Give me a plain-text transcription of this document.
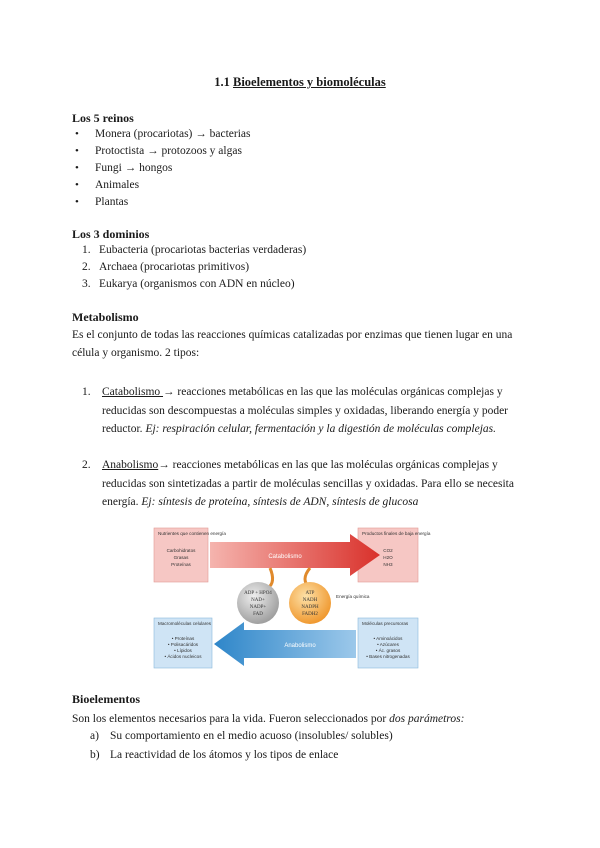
1.1 Bioelementos y biomoléculas
Los 5 reinos
• Monera (procariotas) → bacterias
• Protoctista → protozoos y algas
• Fungi → hongos
• Animales
• Plantas
Los 3 dominios
1. Eubacteria (procariotas bacterias verdaderas)
2. Archaea (procariotas primitivos)
3. Eukarya (organismos con ADN en núcleo)
Metabolismo
Es el conjunto de todas las reacciones químicas catalizadas por enzimas que tienen lugar en una célula y organismo. 2 tipos:
1. Catabolismo → reacciones metabólicas en las que las moléculas orgánicas complejas y reducidas son descompuestas a moléculas simples y oxidadas, liberando energía y poder reductor. Ej: respiración celular, fermentación y la digestión de moléculas complejas.
2. Anabolismo→ reacciones metabólicas en las que las moléculas orgánicas complejas y reducidas son sintetizadas a partir de moléculas sencillas y oxidadas. Para ello se necesita energía. Ej: síntesis de proteína, síntesis de ADN, síntesis de glucosa
Nutrientes que contienen energía
Carbohidratos
Grasas
Proteínas
Productos finales de baja energía
CO2
H2O
NH3
Catabolismo
Macromoléculas celulares
• Proteínas
• Polisacáridos
• Lípidos
• Ácidos nucleicos
Moléculas precursoras
• Aminoácidos
• Azúcares
• Ác. grasos
• Bases nitrogenadas
Anabolismo
ADP + HPO4
NAD+
NADP+
FAD
ATP
NADH
NADPH
FADH2
Energía química
Bioelementos
Son los elementos necesarios para la vida. Fueron seleccionados por dos parámetros:
a) Su comportamiento en el medio acuoso (insolubles/ solubles)
b) La reactividad de los átomos y los tipos de enlace
